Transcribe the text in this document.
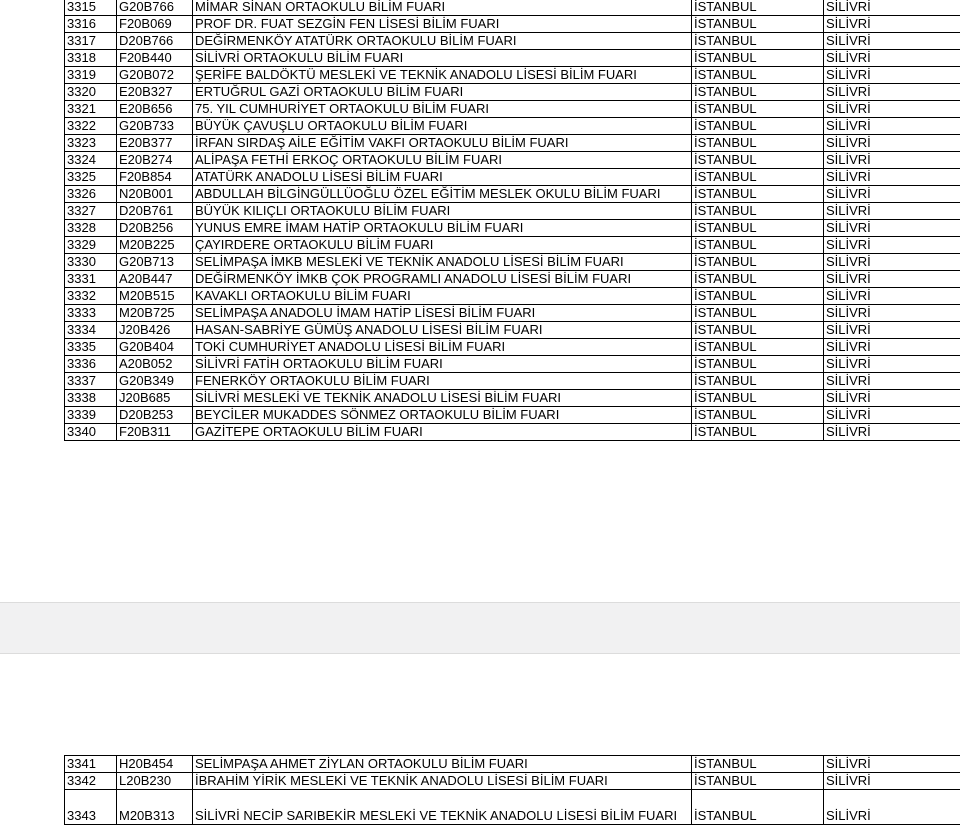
3315	G20B766	MİMAR SİNAN ORTAOKULU BİLİM FUARI	İSTANBUL	SİLİVRİ
3316	F20B069	PROF DR. FUAT SEZGİN FEN LİSESİ BİLİM FUARI	İSTANBUL	SİLİVRİ
3317	D20B766	DEĞİRMENKÖY ATATÜRK ORTAOKULU BİLİM FUARI	İSTANBUL	SİLİVRİ
3318	F20B440	SİLİVRİ ORTAOKULU BİLİM FUARI	İSTANBUL	SİLİVRİ
3319	G20B072	ŞERİFE BALDÖKTÜ MESLEKİ VE TEKNİK ANADOLU LİSESİ BİLİM FUARI	İSTANBUL	SİLİVRİ
3320	E20B327	ERTUĞRUL GAZİ ORTAOKULU BİLİM FUARI	İSTANBUL	SİLİVRİ
3321	E20B656	75. YIL CUMHURİYET ORTAOKULU BİLİM FUARI	İSTANBUL	SİLİVRİ
3322	G20B733	BÜYÜK ÇAVUŞLU ORTAOKULU BİLİM FUARI	İSTANBUL	SİLİVRİ
3323	E20B377	İRFAN SIRDAŞ AİLE EĞİTİM VAKFI ORTAOKULU BİLİM FUARI	İSTANBUL	SİLİVRİ
3324	E20B274	ALİPAŞA FETHİ ERKOÇ ORTAOKULU BİLİM FUARI	İSTANBUL	SİLİVRİ
3325	F20B854	ATATÜRK ANADOLU LİSESİ BİLİM FUARI	İSTANBUL	SİLİVRİ
3326	N20B001	ABDULLAH BİLGİNGÜLLÜOĞLU ÖZEL EĞİTİM MESLEK OKULU BİLİM FUARI	İSTANBUL	SİLİVRİ
3327	D20B761	BÜYÜK KILIÇLI ORTAOKULU BİLİM FUARI	İSTANBUL	SİLİVRİ
3328	D20B256	YUNUS EMRE İMAM HATİP ORTAOKULU BİLİM FUARI	İSTANBUL	SİLİVRİ
3329	M20B225	ÇAYIRDERE ORTAOKULU BİLİM FUARI	İSTANBUL	SİLİVRİ
3330	G20B713	SELİMPAŞA İMKB MESLEKİ VE TEKNİK ANADOLU LİSESİ BİLİM FUARI	İSTANBUL	SİLİVRİ
3331	A20B447	DEĞİRMENKÖY İMKB ÇOK PROGRAMLI ANADOLU LİSESİ BİLİM FUARI	İSTANBUL	SİLİVRİ
3332	M20B515	KAVAKLI ORTAOKULU BİLİM FUARI	İSTANBUL	SİLİVRİ
3333	M20B725	SELİMPAŞA ANADOLU İMAM HATİP LİSESİ BİLİM FUARI	İSTANBUL	SİLİVRİ
3334	J20B426	HASAN-SABRİYE GÜMÜŞ ANADOLU LİSESİ BİLİM FUARI	İSTANBUL	SİLİVRİ
3335	G20B404	TOKİ CUMHURİYET ANADOLU LİSESİ BİLİM FUARI	İSTANBUL	SİLİVRİ
3336	A20B052	SİLİVRİ FATİH ORTAOKULU BİLİM FUARI	İSTANBUL	SİLİVRİ
3337	G20B349	FENERKÖY ORTAOKULU BİLİM FUARI	İSTANBUL	SİLİVRİ
3338	J20B685	SİLİVRİ MESLEKİ VE TEKNİK ANADOLU LİSESİ BİLİM FUARI	İSTANBUL	SİLİVRİ
3339	D20B253	BEYCİLER MUKADDES SÖNMEZ ORTAOKULU BİLİM FUARI	İSTANBUL	SİLİVRİ
3340	F20B311	GAZİTEPE ORTAOKULU BİLİM FUARI	İSTANBUL	SİLİVRİ
3341	H20B454	SELİMPAŞA AHMET ZİYLAN ORTAOKULU BİLİM FUARI	İSTANBUL	SİLİVRİ
3342	L20B230	İBRAHİM YİRİK MESLEKİ VE TEKNİK ANADOLU LİSESİ BİLİM FUARI	İSTANBUL	SİLİVRİ
3343	M20B313	SİLİVRİ NECİP SARIBEKİR MESLEKİ VE TEKNİK ANADOLU LİSESİ BİLİM FUARI	İSTANBUL	SİLİVRİ
